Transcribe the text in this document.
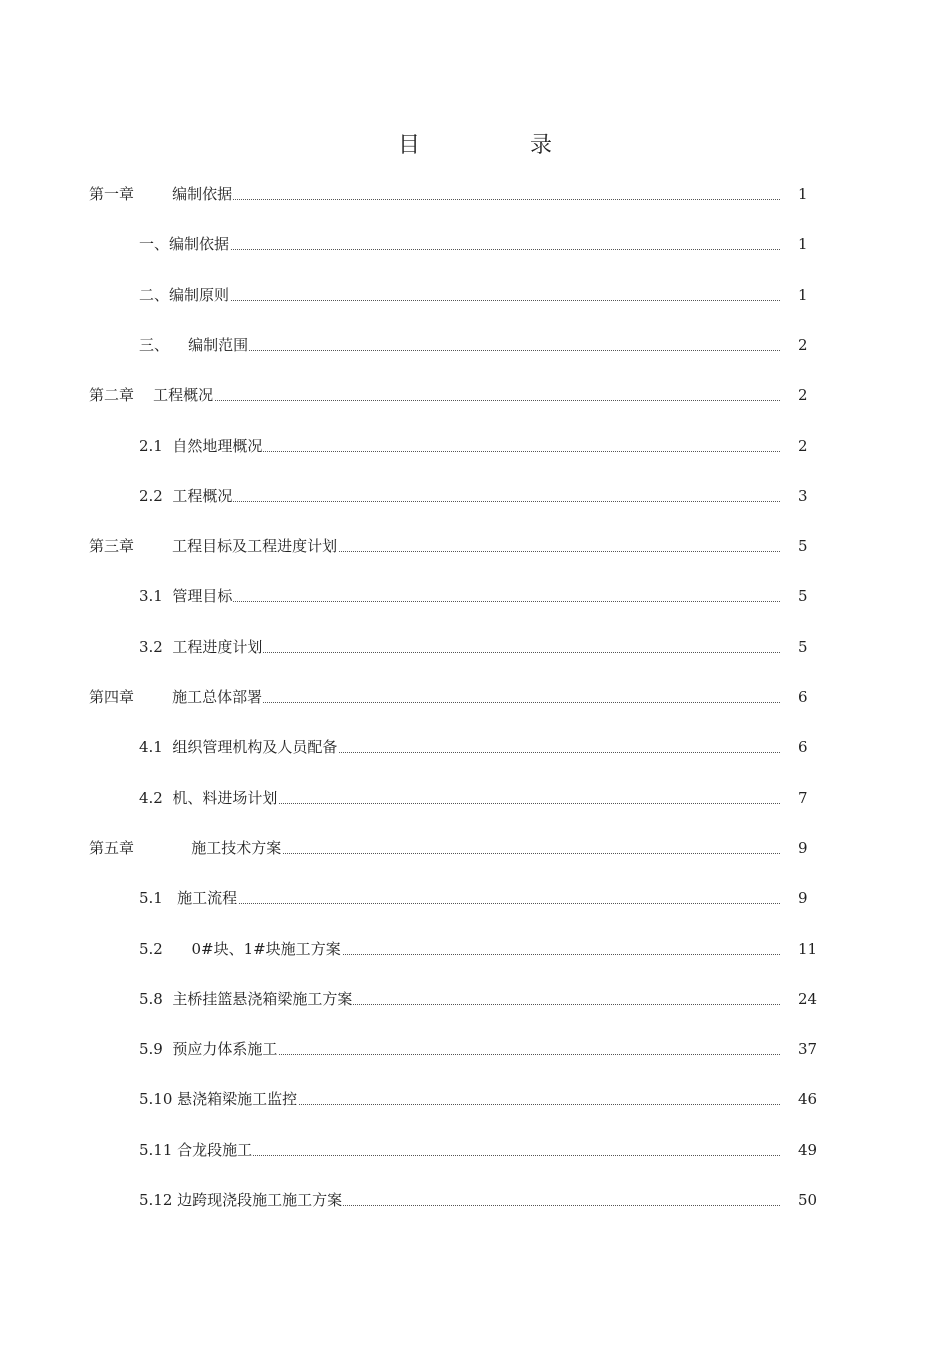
目	录
第一章        编制依据	1
一、编制依据	1
二、编制原则	1
三、    编制范围	2
第二章    工程概况	2
2.1  自然地理概况	2
2.2  工程概况	3
第三章        工程目标及工程进度计划	5
3.1  管理目标	5
3.2  工程进度计划	5
第四章        施工总体部署	6
4.1  组织管理机构及人员配备	6
4.2  机、料进场计划	7
第五章            施工技术方案	9
5.1   施工流程	9
5.2      0#块、1#块施工方案	11
5.8  主桥挂篮悬浇箱梁施工方案	24
5.9  预应力体系施工	37
5.10 悬浇箱梁施工监控	46
5.11 合龙段施工	49
5.12 边跨现浇段施工施工方案	50
